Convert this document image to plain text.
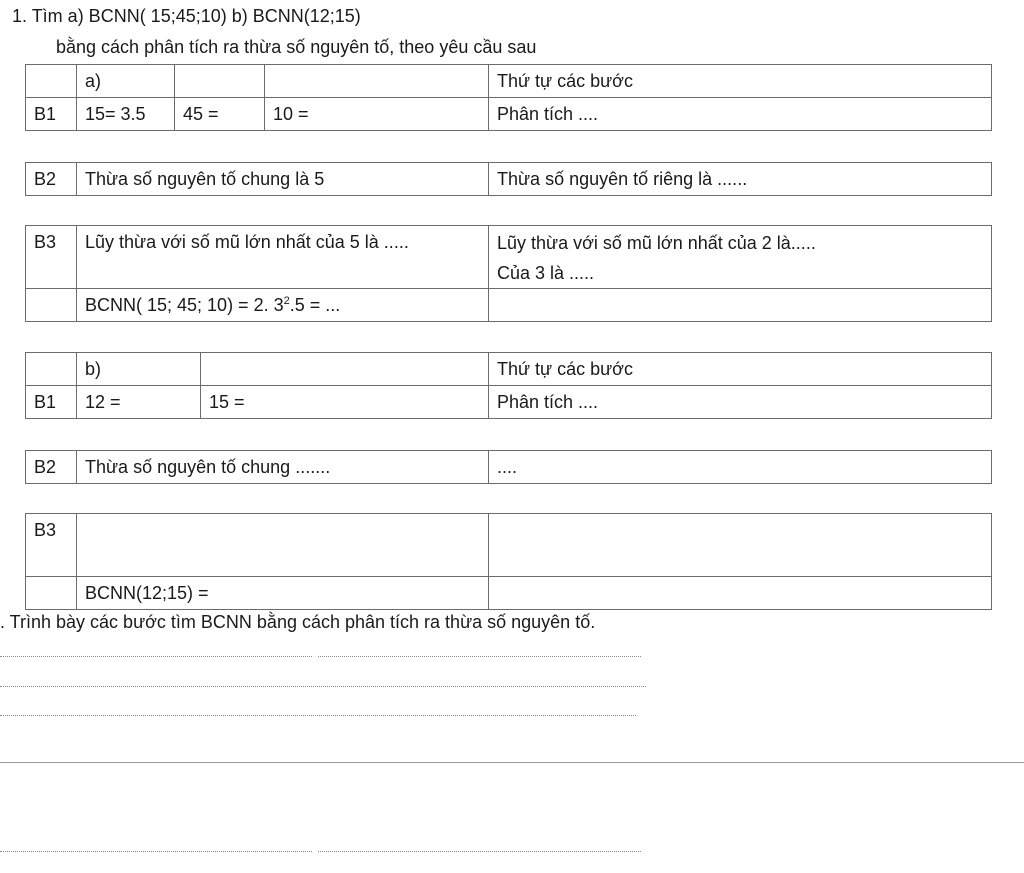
1. Tìm a) BCNN( 15;45;10) b) BCNN(12;15)
bằng cách phân tích ra thừa số nguyên tố, theo yêu cầu sau
	a)			Thứ tự các bước
B1	15= 3.5	45 =	10 =	Phân tích ....
B2	Thừa số nguyên tố chung là 5	Thừa số nguyên tố riêng là ......
B3	Lũy thừa với số mũ lớn nhất của 5 là .....	Lũy thừa với số mũ lớn nhất của 2 là.....
Của 3 là .....

	BCNN( 15; 45; 10) = 2. $3^2.5$ = ...	
	b)		Thứ tự các bước
B1	12 =	15 =	Phân tích ....
B2	Thừa số nguyên tố chung .......	....
B3		
	BCNN(12;15) =	
. Trình bày các bước tìm BCNN bằng cách phân tích ra thừa số nguyên tố.
